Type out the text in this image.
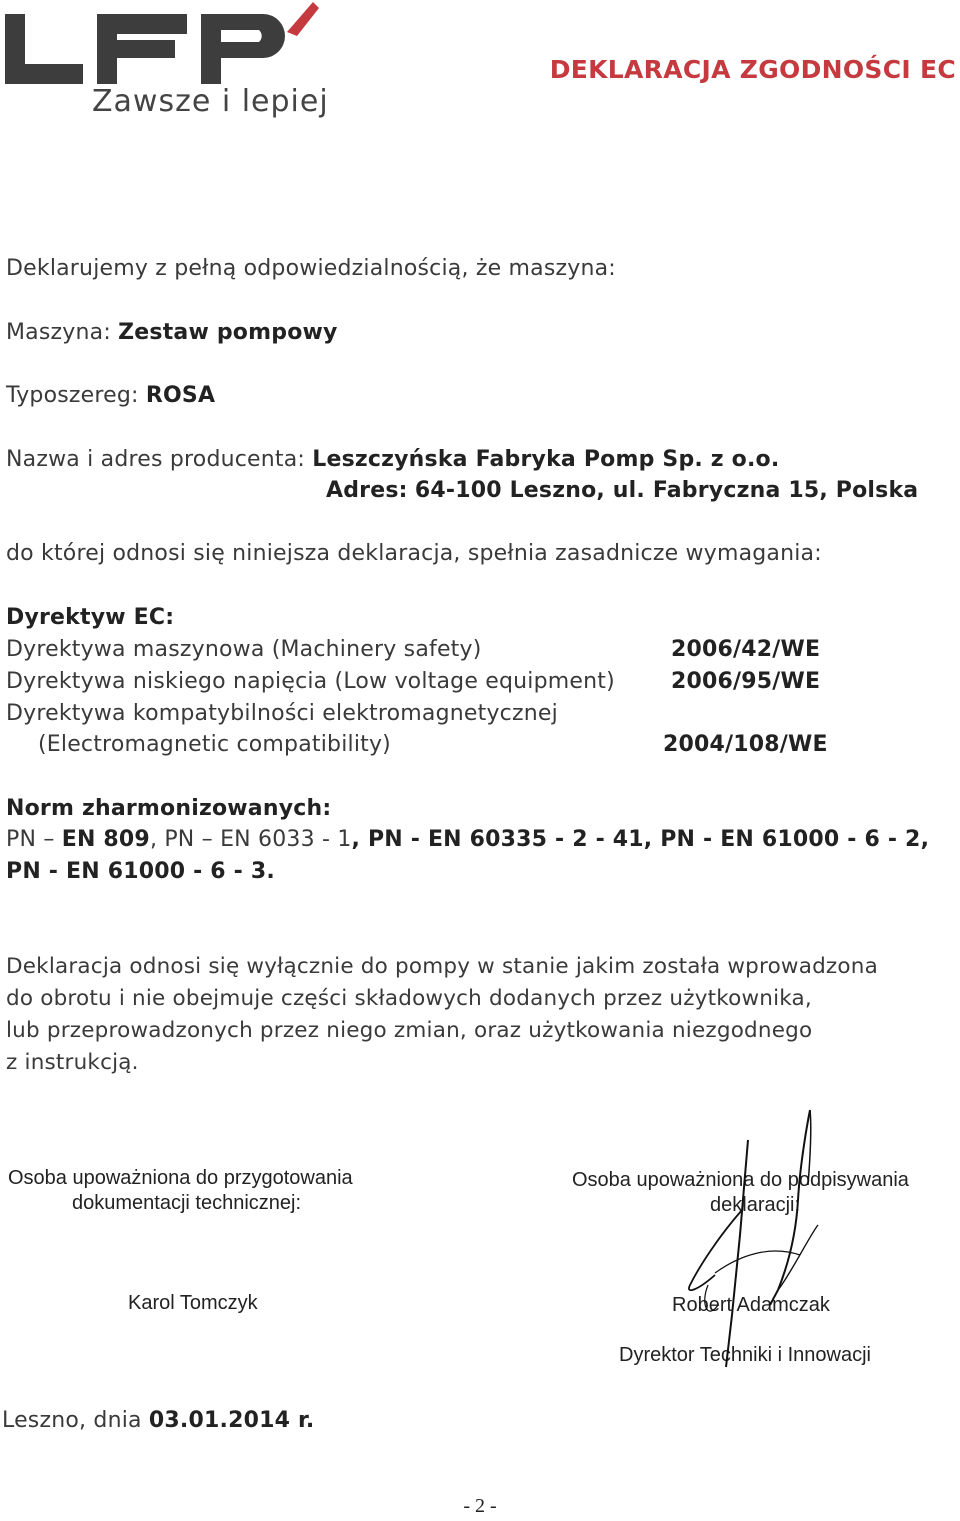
Zawsze i lepiej
DEKLARACJA ZGODNOŚCI EC
Deklarujemy z pełną odpowiedzialnością, że maszyna:
Maszyna: Zestaw pompowy
Typoszereg: ROSA
Nazwa i adres producenta: Leszczyńska Fabryka Pomp Sp. z o.o.
Adres: 64-100 Leszno, ul. Fabryczna 15, Polska
do której odnosi się niniejsza deklaracja, spełnia zasadnicze wymagania:
Dyrektyw EC:
Dyrektywa maszynowa (Machinery safety)	2006/42/WE
Dyrektywa niskiego napięcia (Low voltage equipment)	2006/95/WE
Dyrektywa kompatybilności elektromagnetycznej
(Electromagnetic compatibility)	2004/108/WE
Norm zharmonizowanych:
PN – EN 809, PN – EN 6033 - 1, PN - EN 60335 - 2 - 41, PN - EN 61000 - 6 - 2,
PN - EN 61000 - 6 - 3.
Deklaracja odnosi się wyłącznie do pompy w stanie jakim została wprowadzona
do obrotu i nie obejmuje części składowych dodanych przez użytkownika,
lub przeprowadzonych przez niego zmian, oraz użytkowania niezgodnego
z instrukcją.
Osoba upoważniona do przygotowania
dokumentacji technicznej:
Karol Tomczyk
Osoba upoważniona do podpisywania
deklaracji:
Robert Adamczak
Dyrektor Techniki i Innowacji
Leszno, dnia 03.01.2014 r.
- 2 -
